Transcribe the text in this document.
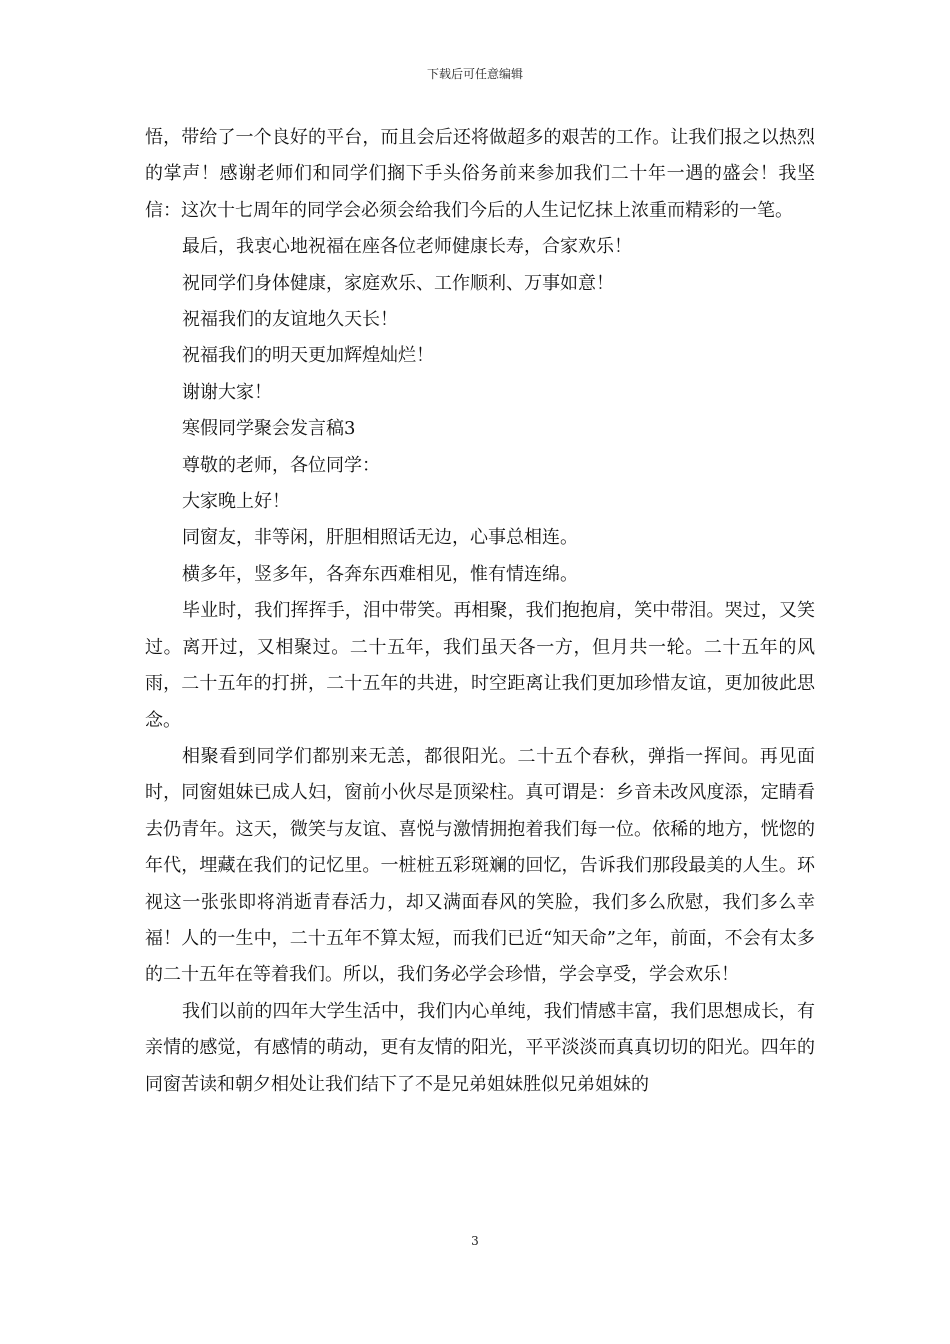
下载后可任意编辑

悟，带给了一个良好的平台，而且会后还将做超多的艰苦的工作。让我们报之以热烈的掌声！感谢老师们和同学们搁下手头俗务前来参加我们二十年一遇的盛会！我坚信：这次十七周年的同学会必须会给我们今后的人生记忆抹上浓重而精彩的一笔。

最后，我衷心地祝福在座各位老师健康长寿，合家欢乐！

祝同学们身体健康，家庭欢乐、工作顺利、万事如意！

祝福我们的友谊地久天长！

祝福我们的明天更加辉煌灿烂！

谢谢大家！

寒假同学聚会发言稿3

尊敬的老师，各位同学：

大家晚上好！

同窗友，非等闲，肝胆相照话无边，心事总相连。

横多年，竖多年，各奔东西难相见，惟有情连绵。

毕业时，我们挥挥手，泪中带笑。再相聚，我们抱抱肩，笑中带泪。哭过，又笑过。离开过，又相聚过。二十五年，我们虽天各一方，但月共一轮。二十五年的风雨，二十五年的打拼，二十五年的共进，时空距离让我们更加珍惜友谊，更加彼此思念。

相聚看到同学们都别来无恙，都很阳光。二十五个春秋，弹指一挥间。再见面时，同窗姐妹已成人妇，窗前小伙尽是顶梁柱。真可谓是：乡音未改风度添，定睛看去仍青年。这天，微笑与友谊、喜悦与激情拥抱着我们每一位。依稀的地方，恍惚的年代，埋藏在我们的记忆里。一桩桩五彩斑斓的回忆，告诉我们那段最美的人生。环视这一张张即将消逝青春活力，却又满面春风的笑脸，我们多么欣慰，我们多么幸福！人的一生中，二十五年不算太短，而我们已近“知天命”之年，前面，不会有太多的二十五年在等着我们。所以，我们务必学会珍惜，学会享受，学会欢乐！

我们以前的四年大学生活中，我们内心单纯，我们情感丰富，我们思想成长，有亲情的感觉，有感情的萌动，更有友情的阳光，平平淡淡而真真切切的阳光。四年的同窗苦读和朝夕相处让我们结下了不是兄弟姐妹胜似兄弟姐妹的

3
